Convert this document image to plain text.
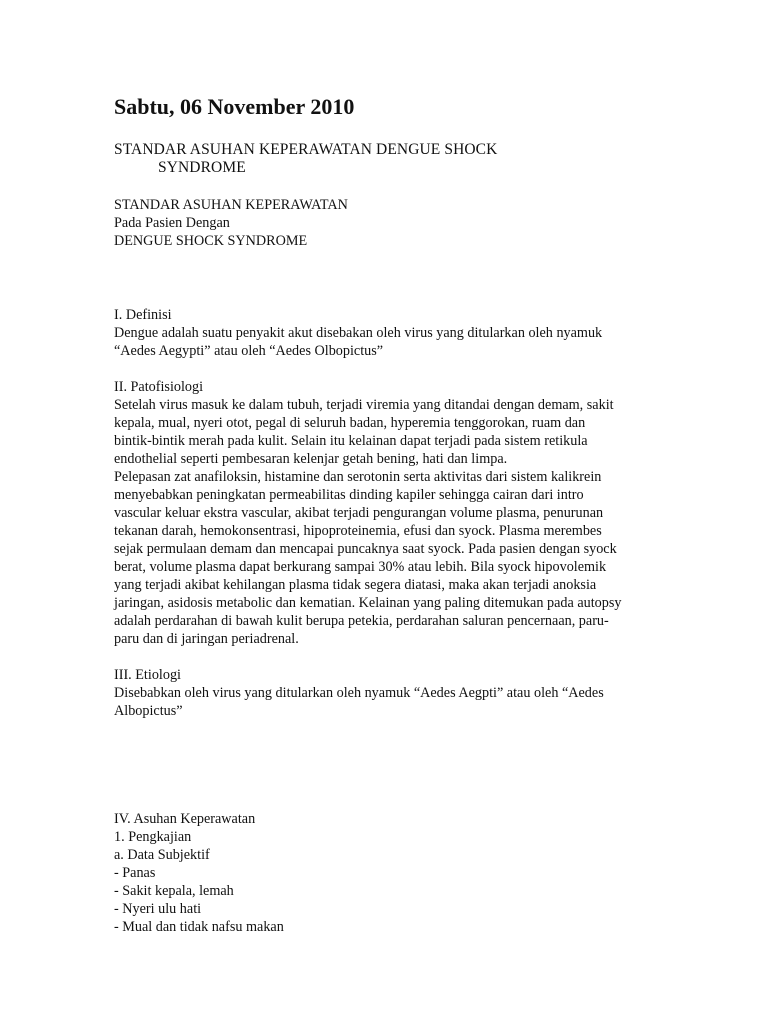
Sabtu, 06 November 2010
STANDAR ASUHAN KEPERAWATAN DENGUE SHOCK
SYNDROME
STANDAR ASUHAN KEPERAWATAN
Pada Pasien Dengan
DENGUE SHOCK SYNDROME
I. Definisi
Dengue adalah suatu penyakit akut disebakan oleh virus yang ditularkan oleh nyamuk
“Aedes Aegypti” atau oleh “Aedes Olbopictus”
II. Patofisiologi
Setelah virus masuk ke dalam tubuh, terjadi viremia yang ditandai dengan demam, sakit
kepala, mual, nyeri otot, pegal di seluruh badan, hyperemia tenggorokan, ruam dan
bintik-bintik merah pada kulit. Selain itu kelainan dapat terjadi pada sistem retikula
endothelial seperti pembesaran kelenjar getah bening, hati dan limpa.
Pelepasan zat anafiloksin, histamine dan serotonin serta aktivitas dari sistem kalikrein
menyebabkan peningkatan permeabilitas dinding kapiler sehingga cairan dari intro
vascular keluar ekstra vascular, akibat terjadi pengurangan volume plasma, penurunan
tekanan darah, hemokonsentrasi, hipoproteinemia, efusi dan syock. Plasma merembes
sejak permulaan demam dan mencapai puncaknya saat syock. Pada pasien dengan syock
berat, volume plasma dapat berkurang sampai 30% atau lebih. Bila syock hipovolemik
yang terjadi akibat kehilangan plasma tidak segera diatasi, maka akan terjadi anoksia
jaringan, asidosis metabolic dan kematian. Kelainan yang paling ditemukan pada autopsy
adalah perdarahan di bawah kulit berupa petekia, perdarahan saluran pencernaan, paru-
paru dan di jaringan periadrenal.
III. Etiologi
Disebabkan oleh virus yang ditularkan oleh nyamuk “Aedes Aegpti” atau oleh “Aedes
Albopictus”
IV. Asuhan Keperawatan
1. Pengkajian
a. Data Subjektif
- Panas
- Sakit kepala, lemah
- Nyeri ulu hati
- Mual dan tidak nafsu makan
